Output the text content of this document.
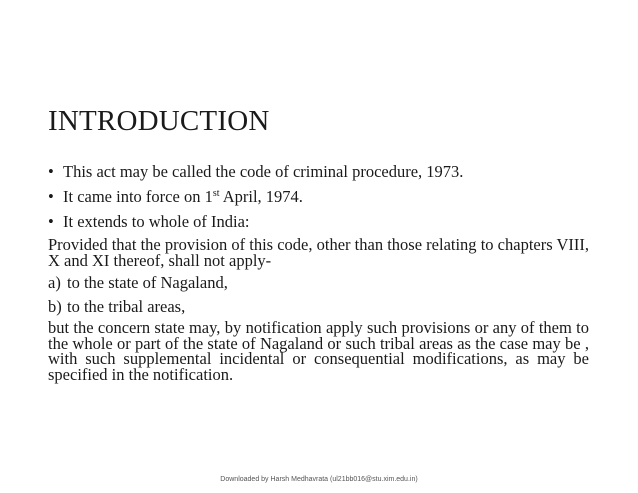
INTRODUCTION
• This act may be called the code of criminal procedure, 1973.
• It came into force on 1st April, 1974.
• It extends to whole of India:
Provided that the provision of this code, other than those relating to chapters VIII, X and XI thereof, shall not apply-
a) to the state of Nagaland,
b) to the tribal areas,
but the concern state may, by notification apply such provisions or any of them to the whole or part of the state of Nagaland or such tribal areas as the case may be , with such supplemental incidental or consequential modifications, as may be specified in the notification.
Downloaded by Harsh Medhavrata (ul21bb016@stu.xim.edu.in)
